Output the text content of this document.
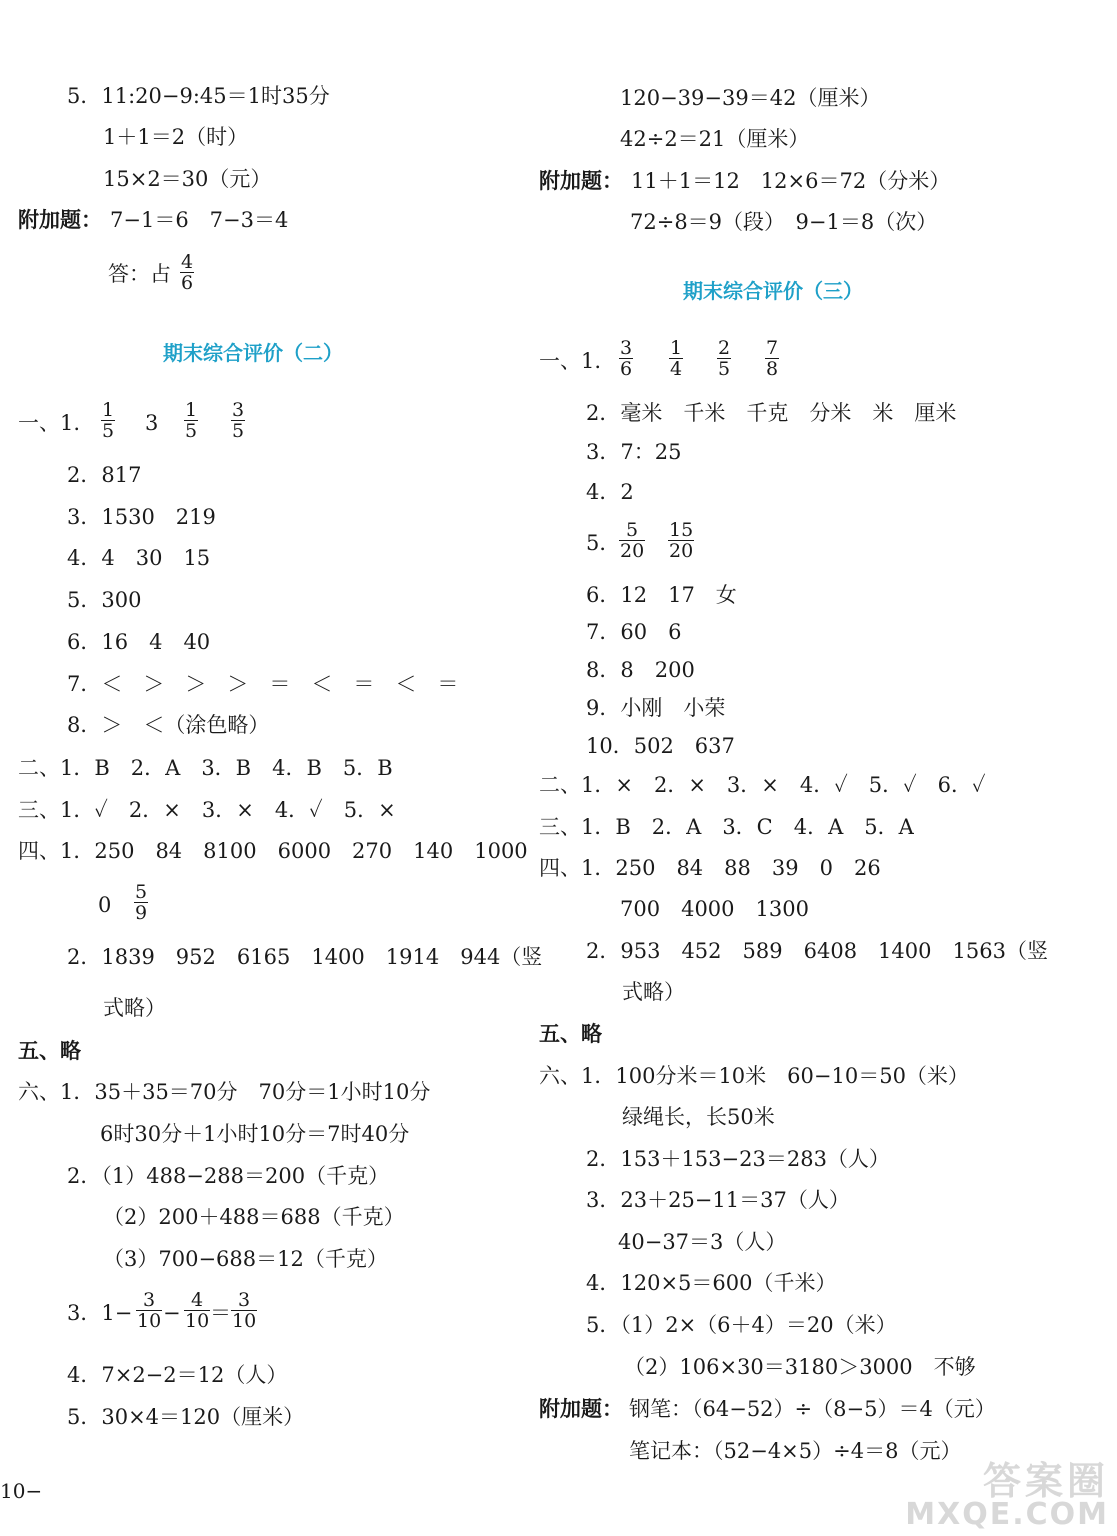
5．11:20−9:45＝1时35分
1＋1＝2（时）
15×2＝30（元）
附加题： 7−1＝6　7−3＝4
答：占 $\frac{4}{6}$
期末综合评价（二）
一、1. $\frac{1}{5} 3 \frac{1}{5} \frac{3}{5}$
2．817
3．1530　219
4．4　30　15
5．300
6．16　4　40
7．＜　＞　＞　＞　＝　＜　＝　＜　＝
8．＞　＜（涂色略）
二、1．B　2．A　3．B　4．B　5．B
三、1．✓　2．×　3．×　4．✓　5．×
四、1．250　84　8100　6000　270　140　1000
$0 \frac{5}{9}$
2．1839　952　6165　1400　1914　944（竖
式略）
五、略
六、1．35＋35＝70分　70分＝1小时10分
6时30分＋1小时10分＝7时40分
2．（1）488−288＝200（千克）
（2）200＋488＝688（千克）
（3）700−688＝12（千克）
3．$1- \frac{3}{10} - \frac{4}{10} = \frac{3}{10}$
4．7×2−2＝12（人）
5．30×4＝120（厘米）
10−
120−39−39＝42（厘米）
42÷2＝21（厘米）
附加题： 11＋1＝12　12×6＝72（分米）
72÷8＝9（段）　9−1＝8（次）
期末综合评价（三）
一、1. $\frac{3}{6} \frac{1}{4} \frac{2}{5} \frac{7}{8}$
2．毫米　千米　千克　分米　米　厘米
3．7：25
4．2
5．
$\frac{5}{20} \frac{15}{20}$
6．12　17　女
7．60　6
8．8　200
9．小刚　小荣
10．502　637
二、1．×　2．×　3．×　4．✓　5．✓　6．✓
三、1．B　2．A　3．C　4．A　5．A
四、1．250　84　88　39　0　26
700　4000　1300
2．953　452　589　6408　1400　1563（竖
式略）
五、略
六、1．100分米＝10米　60−10＝50（米）
绿绳长，长50米
2．153＋153−23＝283（人）
3．23＋25−11＝37（人）
40−37＝3（人）
4．120×5＝600（千米）
5．（1）2×（6＋4）＝20（米）
（2）106×30＝3180＞3000　不够
附加题： 钢笔：（64−52）÷（8−5）＝4（元）
笔记本：（52−4×5）÷4＝8（元）
答案圈
MXQE.COM
